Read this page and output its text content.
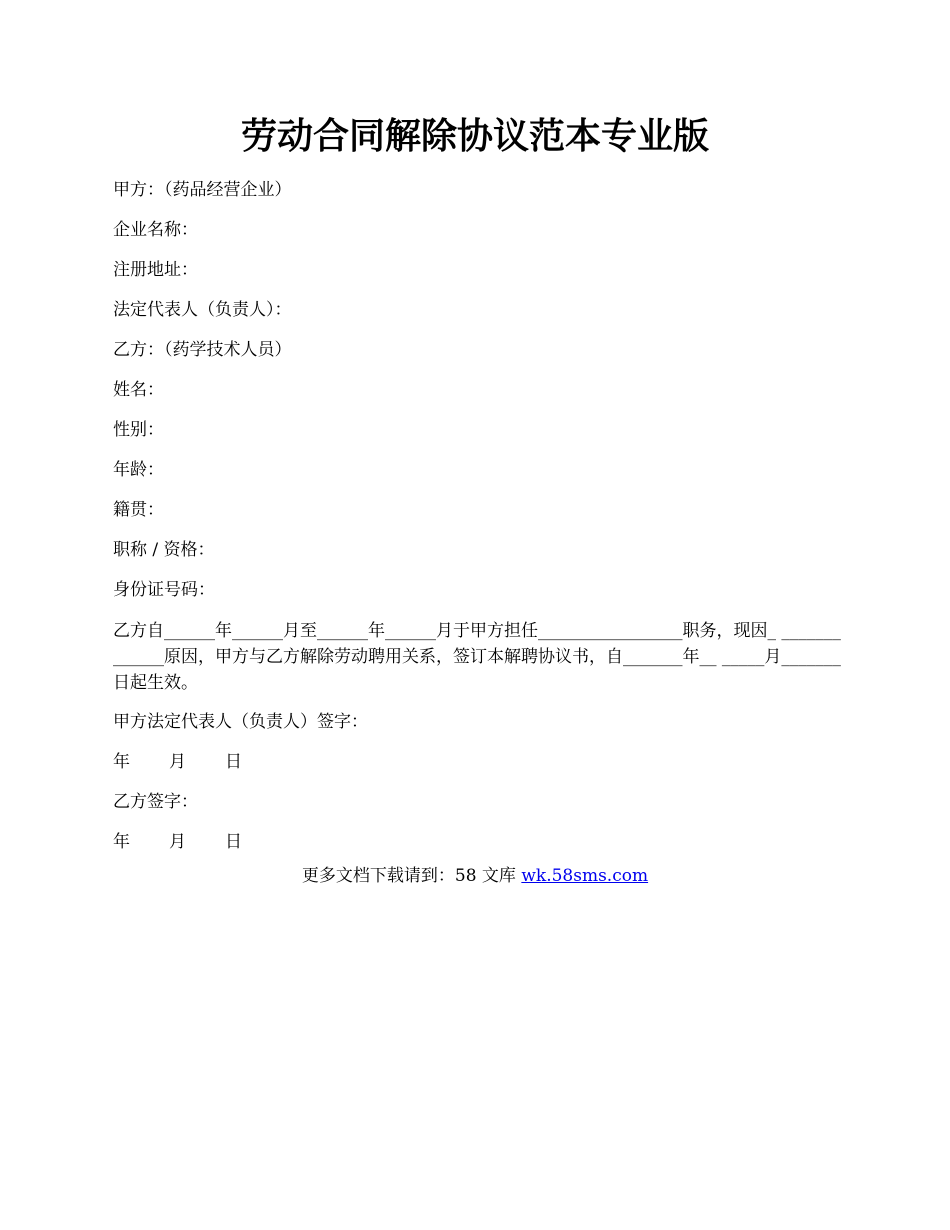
劳动合同解除协议范本专业版
甲方：（药品经营企业）
企业名称：
注册地址：
法定代表人（负责人）：
乙方：（药学技术人员）
姓名：
性别：
年龄：
籍贯：
职称 / 资格：
身份证号码：
乙方自______年______月至______年______月于甲方担任_________________职务，现因_ _____________原因，甲方与乙方解除劳动聘用关系，签订本解聘协议书，自_______年__ _____月_______日起生效。
甲方法定代表人（负责人）签字：
年 月 日
乙方签字：
年 月 日
更多文档下载请到：58 文库 wk.58sms.com
